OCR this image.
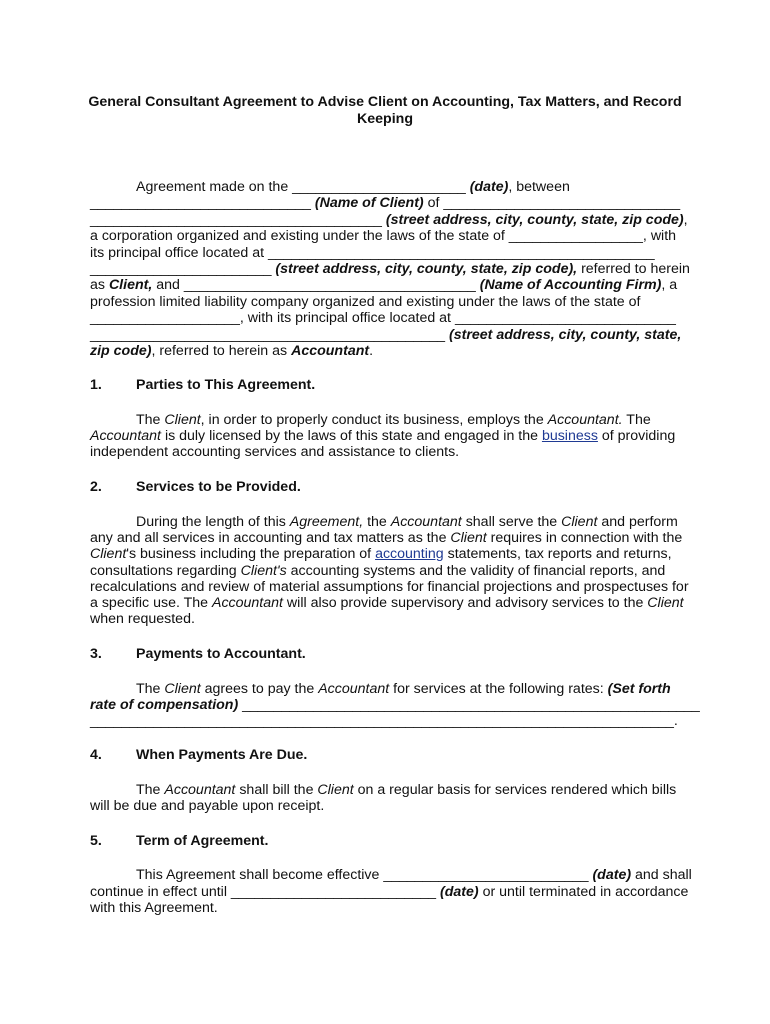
General Consultant Agreement to Advise Client on Accounting, Tax Matters, and Record
Keeping
Agreement made on the ______________________ (date), between
____________________________ (Name of Client) of ______________________________
_____________________________________ (street address, city, county, state, zip code),
a corporation organized and existing under the laws of the state of _________________, with
its principal office located at _________________________________________________
_______________________ (street address, city, county, state, zip code), referred to herein
as Client, and _____________________________________ (Name of Accounting Firm), a
profession limited liability company organized and existing under the laws of the state of
___________________, with its principal office located at ____________________________
_____________________________________________ (street address, city, county, state,
zip code), referred to herein as Accountant.
1. Parties to This Agreement.
The Client, in order to properly conduct its business, employs the Accountant. The
Accountant is duly licensed by the laws of this state and engaged in the business of providing
independent accounting services and assistance to clients.
2. Services to be Provided.
During the length of this Agreement, the Accountant shall serve the Client and perform
any and all services in accounting and tax matters as the Client requires in connection with the
Client's business including the preparation of accounting statements, tax reports and returns,
consultations regarding Client's accounting systems and the validity of financial reports, and
recalculations and review of material assumptions for financial projections and prospectuses for
a specific use. The Accountant will also provide supervisory and advisory services to the Client
when requested.
3. Payments to Accountant.
The Client agrees to pay the Accountant for services at the following rates: (Set forth
rate of compensation) __________________________________________________________
__________________________________________________________________________.
4. When Payments Are Due.
The Accountant shall bill the Client on a regular basis for services rendered which bills
will be due and payable upon receipt.
5. Term of Agreement.
This Agreement shall become effective __________________________ (date) and shall
continue in effect until __________________________ (date) or until terminated in accordance
with this Agreement.
